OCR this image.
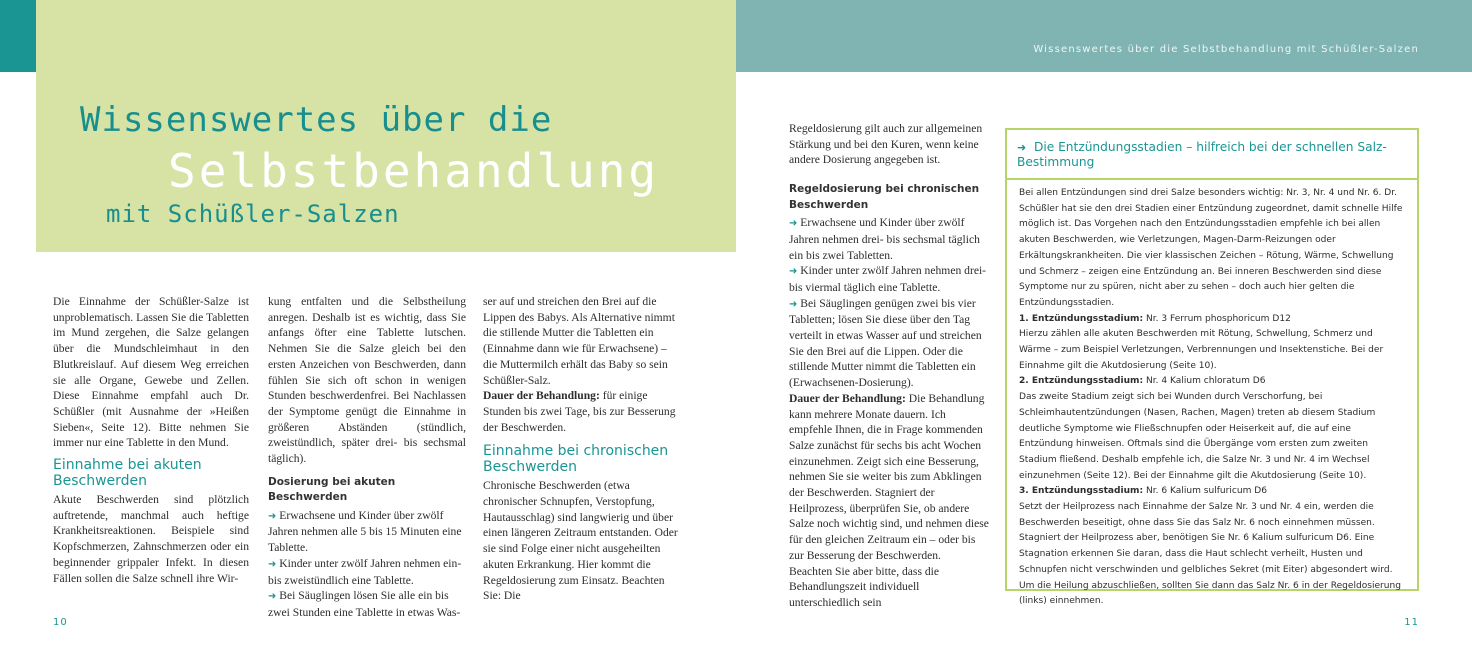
Wissenswertes über die Selbstbehandlung mit Schüßler-Salzen
Wissenswertes über die
Selbstbehandlung
mit Schüßler-Salzen

Die Einnahme der Schüßler-Salze ist unproblematisch. Lassen Sie die Tabletten im Mund zergehen, die Salze gelangen über die Mundschleimhaut in den Blutkreislauf. Auf diesem Weg erreichen sie alle Organe, Gewebe und Zellen. Diese Einnahme empfahl auch Dr. Schüßler (mit Ausnahme der »Heißen Sieben«, Seite 12). Bitte nehmen Sie immer nur eine Tablette in den Mund.

Einnahme bei akuten Beschwerden

Akute Beschwerden sind plötzlich auftretende, manchmal auch heftige Krankheitsreaktionen. Beispiele sind Kopfschmerzen, Zahnschmerzen oder ein beginnender grippaler Infekt. In diesen Fällen sollen die Salze schnell ihre Wir-

kung entfalten und die Selbstheilung anregen. Deshalb ist es wichtig, dass Sie anfangs öfter eine Tablette lutschen. Nehmen Sie die Salze gleich bei den ersten Anzeichen von Beschwerden, dann fühlen Sie sich oft schon in wenigen Stunden beschwerdenfrei. Bei Nachlassen der Symptome genügt die Einnahme in größeren Abständen (stündlich, zweistündlich, später drei- bis sechsmal täglich).

Dosierung bei akuten Beschwerden

➜ Erwachsene und Kinder über zwölf Jahren nehmen alle 5 bis 15 Minuten eine Tablette.

➜ Kinder unter zwölf Jahren nehmen ein- bis zweistündlich eine Tablette.

➜ Bei Säuglingen lösen Sie alle ein bis zwei Stunden eine Tablette in etwas Was-

ser auf und streichen den Brei auf die Lippen des Babys. Als Alternative nimmt die stillende Mutter die Tabletten ein (Einnahme dann wie für Erwachsene) – die Muttermilch erhält das Baby so sein Schüßler-Salz.

Dauer der Behandlung: für einige Stunden bis zwei Tage, bis zur Besserung der Beschwerden.

Einnahme bei chronischen Beschwerden

Chronische Beschwerden (etwa chronischer Schnupfen, Verstopfung, Hautausschlag) sind langwierig und über einen längeren Zeitraum entstanden. Oder sie sind Folge einer nicht ausgeheilten akuten Erkrankung. Hier kommt die Regeldosierung zum Einsatz. Beachten Sie: Die

Regeldosierung gilt auch zur allgemeinen Stärkung und bei den Kuren, wenn keine andere Dosierung angegeben ist.

Regeldosierung bei chronischen Beschwerden

➜ Erwachsene und Kinder über zwölf Jahren nehmen drei- bis sechsmal täglich ein bis zwei Tabletten.

➜ Kinder unter zwölf Jahren nehmen drei- bis viermal täglich eine Tablette.

➜ Bei Säuglingen genügen zwei bis vier Tabletten; lösen Sie diese über den Tag verteilt in etwas Wasser auf und streichen Sie den Brei auf die Lippen. Oder die stillende Mutter nimmt die Tabletten ein (Erwachsenen-Dosierung).

Dauer der Behandlung: Die Behandlung kann mehrere Monate dauern. Ich empfehle Ihnen, die in Frage kommenden Salze zunächst für sechs bis acht Wochen einzunehmen. Zeigt sich eine Besserung, nehmen Sie sie weiter bis zum Abklingen der Beschwerden. Stagniert der Heilprozess, überprüfen Sie, ob andere Salze noch wichtig sind, und nehmen diese für den gleichen Zeitraum ein – oder bis zur Besserung der Beschwerden.

Beachten Sie aber bitte, dass die Behandlungszeit individuell unterschiedlich sein

➜ Die Entzündungsstadien – hilfreich bei der schnellen Salz-Bestimmung

Bei allen Entzündungen sind drei Salze besonders wichtig: Nr. 3, Nr. 4 und Nr. 6. Dr. Schüßler hat sie den drei Stadien einer Entzündung zugeordnet, damit schnelle Hilfe möglich ist. Das Vorgehen nach den Entzündungsstadien empfehle ich bei allen akuten Beschwerden, wie Verletzungen, Magen-Darm-Reizungen oder Erkältungskrankheiten. Die vier klassischen Zeichen – Rötung, Wärme, Schwellung und Schmerz – zeigen eine Entzündung an. Bei inneren Beschwerden sind diese Symptome nur zu spüren, nicht aber zu sehen – doch auch hier gelten die Entzündungsstadien.

1. Entzündungsstadium: Nr. 3 Ferrum phosphoricum D12

Hierzu zählen alle akuten Beschwerden mit Rötung, Schwellung, Schmerz und Wärme – zum Beispiel Verletzungen, Verbrennungen und Insektenstiche. Bei der Einnahme gilt die Akutdosierung (Seite 10).

2. Entzündungsstadium: Nr. 4 Kalium chloratum D6

Das zweite Stadium zeigt sich bei Wunden durch Verschorfung, bei Schleimhautentzündungen (Nasen, Rachen, Magen) treten ab diesem Stadium deutliche Symptome wie Fließschnupfen oder Heiserkeit auf, die auf eine Entzündung hinweisen. Oftmals sind die Übergänge vom ersten zum zweiten Stadium fließend. Deshalb empfehle ich, die Salze Nr. 3 und Nr. 4 im Wechsel einzunehmen (Seite 12). Bei der Einnahme gilt die Akutdosierung (Seite 10).

3. Entzündungsstadium: Nr. 6 Kalium sulfuricum D6

Setzt der Heilprozess nach Einnahme der Salze Nr. 3 und Nr. 4 ein, werden die Beschwerden beseitigt, ohne dass Sie das Salz Nr. 6 noch einnehmen müssen. Stagniert der Heilprozess aber, benötigen Sie Nr. 6 Kalium sulfuricum D6. Eine Stagnation erkennen Sie daran, dass die Haut schlecht verheilt, Husten und Schnupfen nicht verschwinden und gelbliches Sekret (mit Eiter) abgesondert wird. Um die Heilung abzuschließen, sollten Sie dann das Salz Nr. 6 in der Regeldosierung (links) einnehmen.

10	11
